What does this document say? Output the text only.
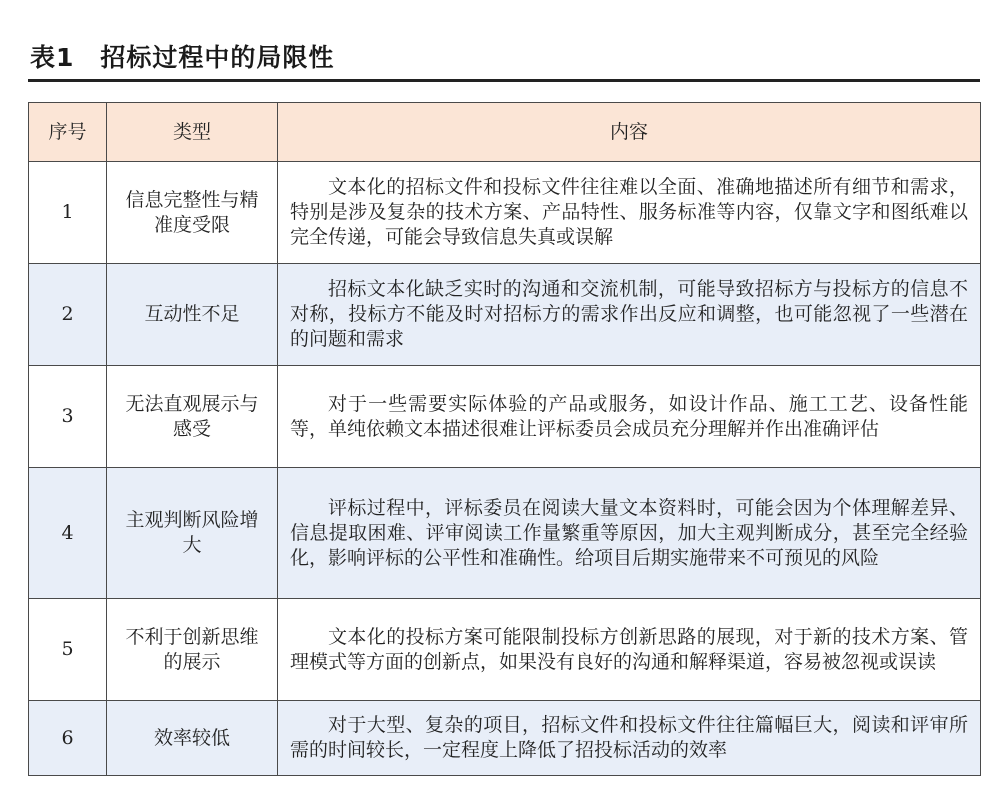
表1　招标过程中的局限性
序号	类型	内容
1	信息完整性与精准度受限	文本化的招标文件和投标文件往往难以全面、准确地描述所有细节和需求，特别是涉及复杂的技术方案、产品特性、服务标准等内容，仅靠文字和图纸难以完全传递，可能会导致信息失真或误解

2	互动性不足	招标文本化缺乏实时的沟通和交流机制，可能导致招标方与投标方的信息不对称，投标方不能及时对招标方的需求作出反应和调整，也可能忽视了一些潜在的问题和需求

3	无法直观展示与感受	对于一些需要实际体验的产品或服务，如设计作品、施工工艺、设备性能等，单纯依赖文本描述很难让评标委员会成员充分理解并作出准确评估

4	主观判断风险增大	评标过程中，评标委员在阅读大量文本资料时，可能会因为个体理解差异、信息提取困难、评审阅读工作量繁重等原因，加大主观判断成分，甚至完全经验化，影响评标的公平性和准确性。给项目后期实施带来不可预见的风险

5	不利于创新思维的展示	文本化的投标方案可能限制投标方创新思路的展现，对于新的技术方案、管理模式等方面的创新点，如果没有良好的沟通和解释渠道，容易被忽视或误读

6	效率较低	对于大型、复杂的项目，招标文件和投标文件往往篇幅巨大，阅读和评审所需的时间较长，一定程度上降低了招投标活动的效率
